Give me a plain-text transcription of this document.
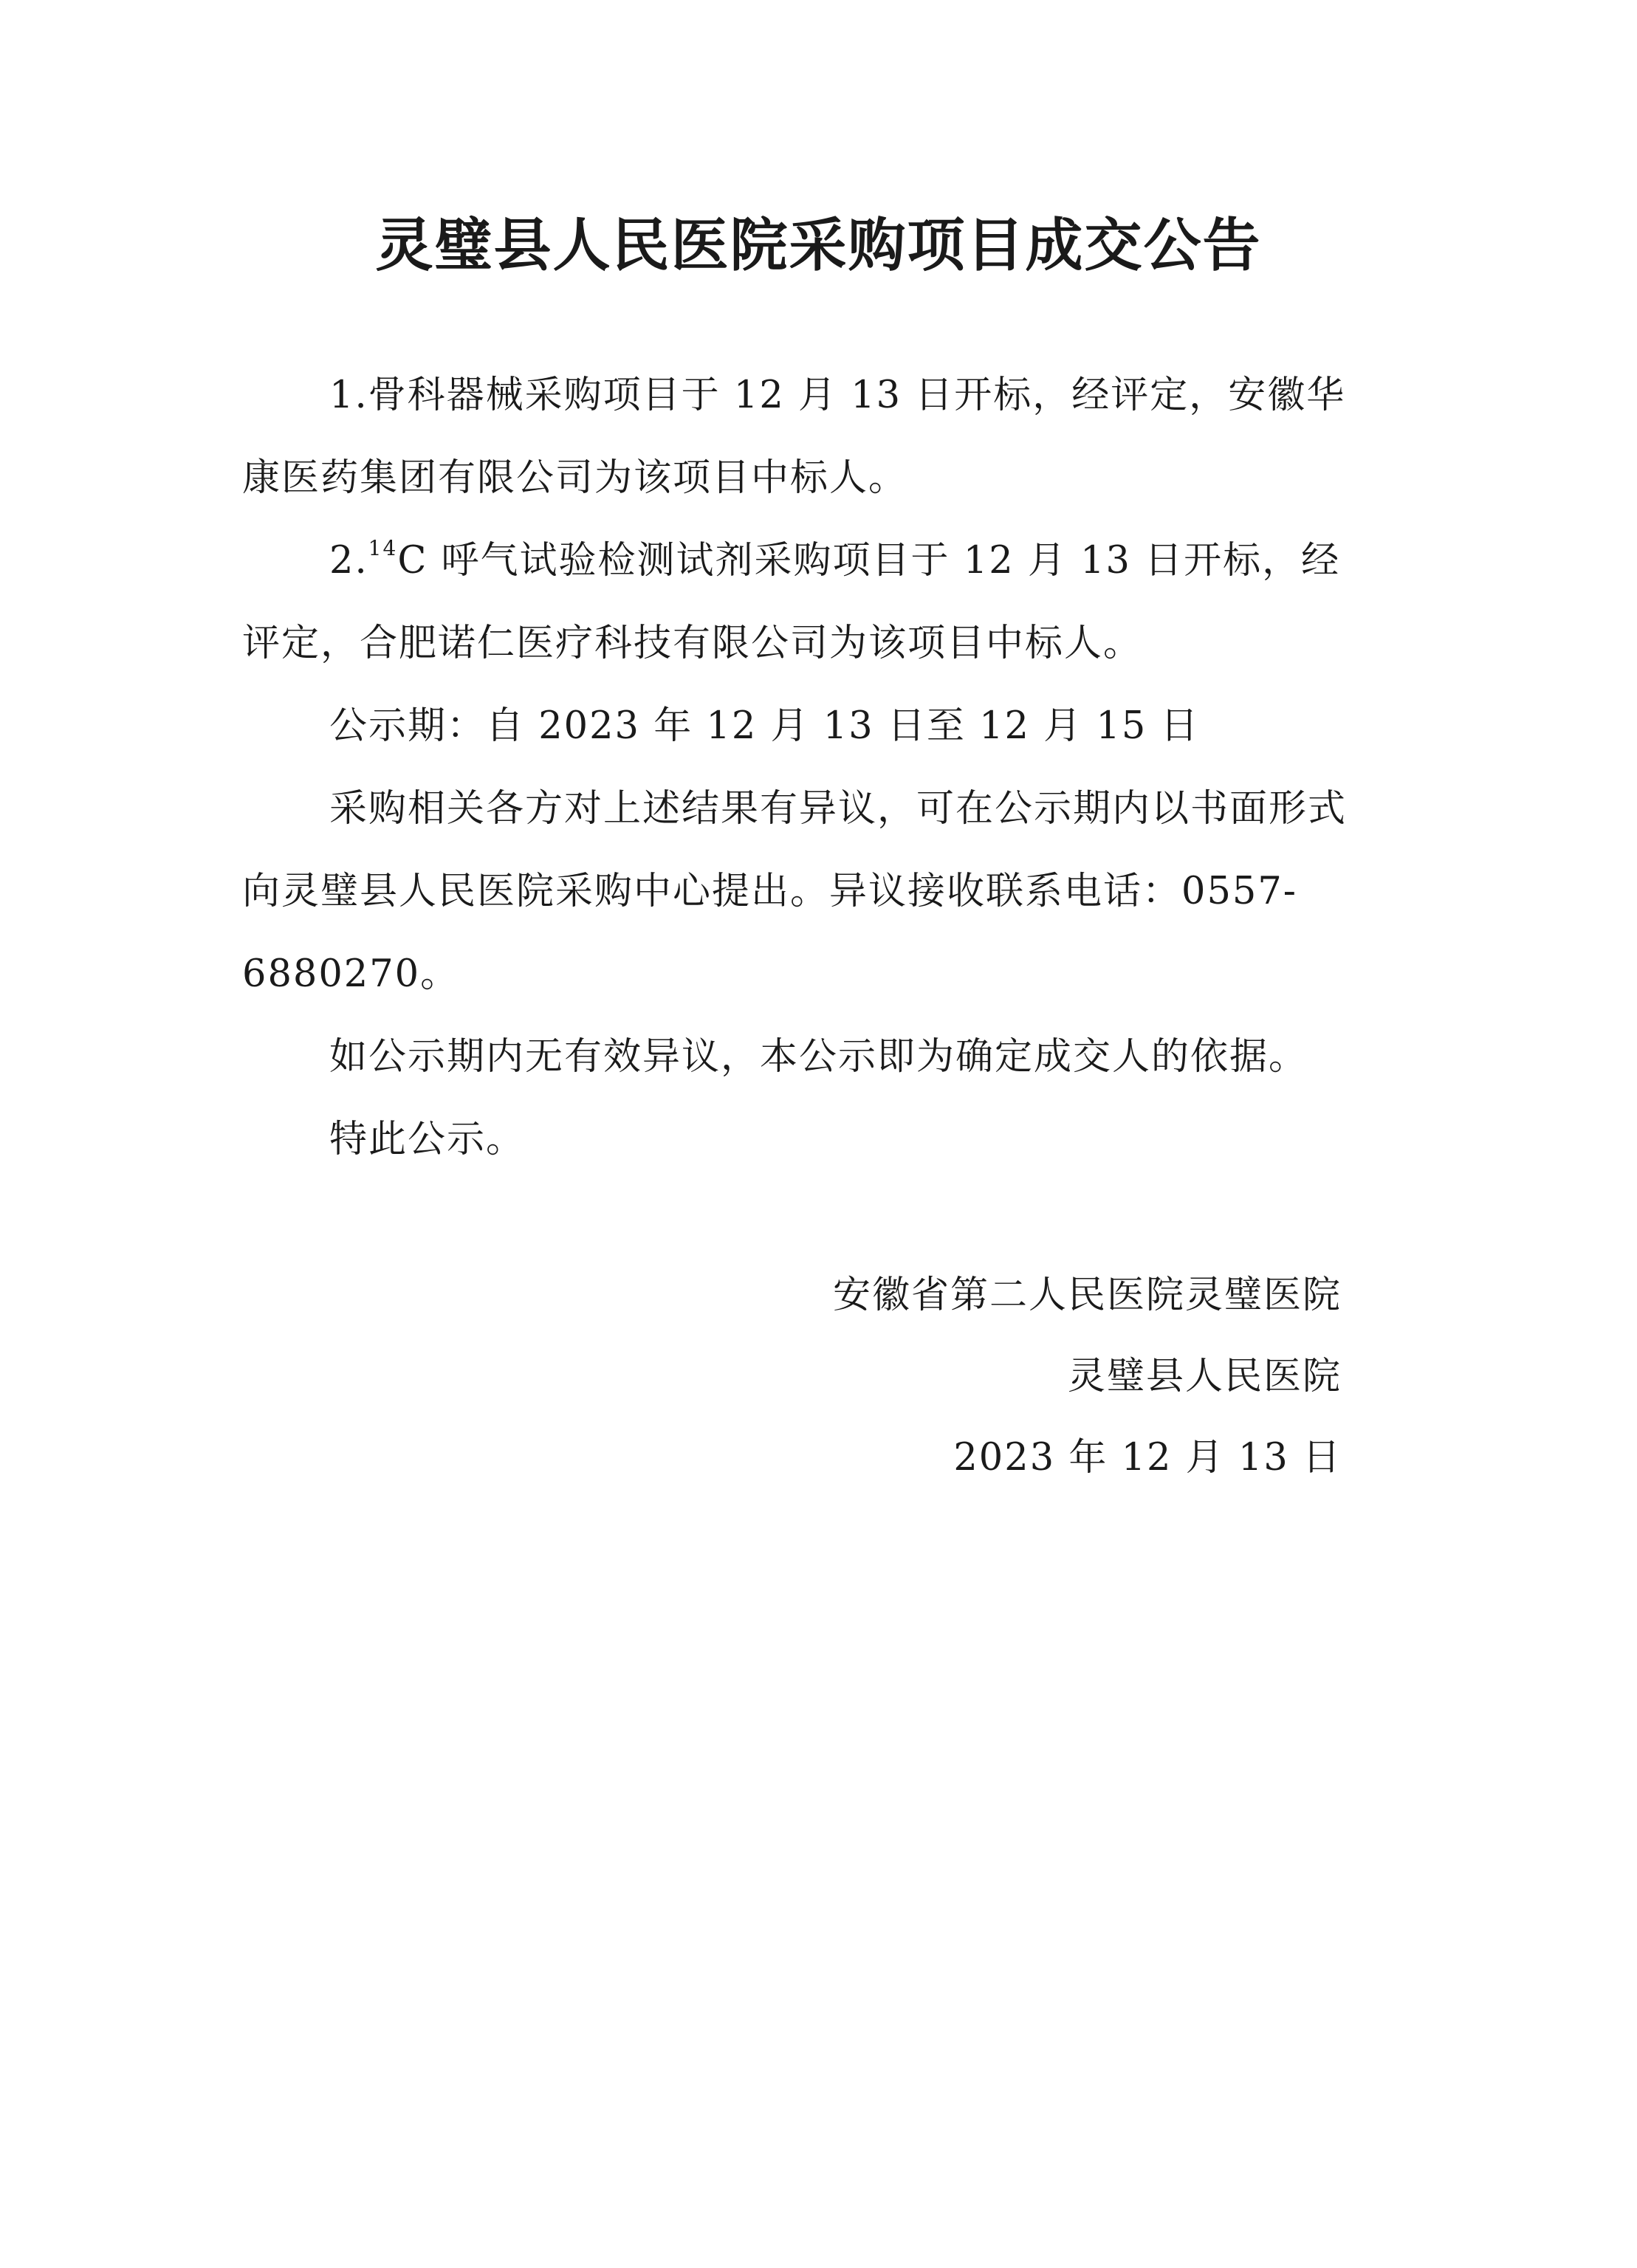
灵璧县人民医院采购项目成交公告

1.骨科器械采购项目于 12 月 13 日开标，经评定，安徽华康医药集团有限公司为该项目中标人。

2.14C 呼气试验检测试剂采购项目于 12 月 13 日开标，经评定，合肥诺仁医疗科技有限公司为该项目中标人。

公示期：自 2023 年 12 月 13 日至 12 月 15 日

采购相关各方对上述结果有异议，可在公示期内以书面形式向灵璧县人民医院采购中心提出。异议接收联系电话：0557-6880270。

如公示期内无有效异议，本公示即为确定成交人的依据。

特此公示。

安徽省第二人民医院灵璧医院
灵璧县人民医院
2023 年 12 月 13 日
